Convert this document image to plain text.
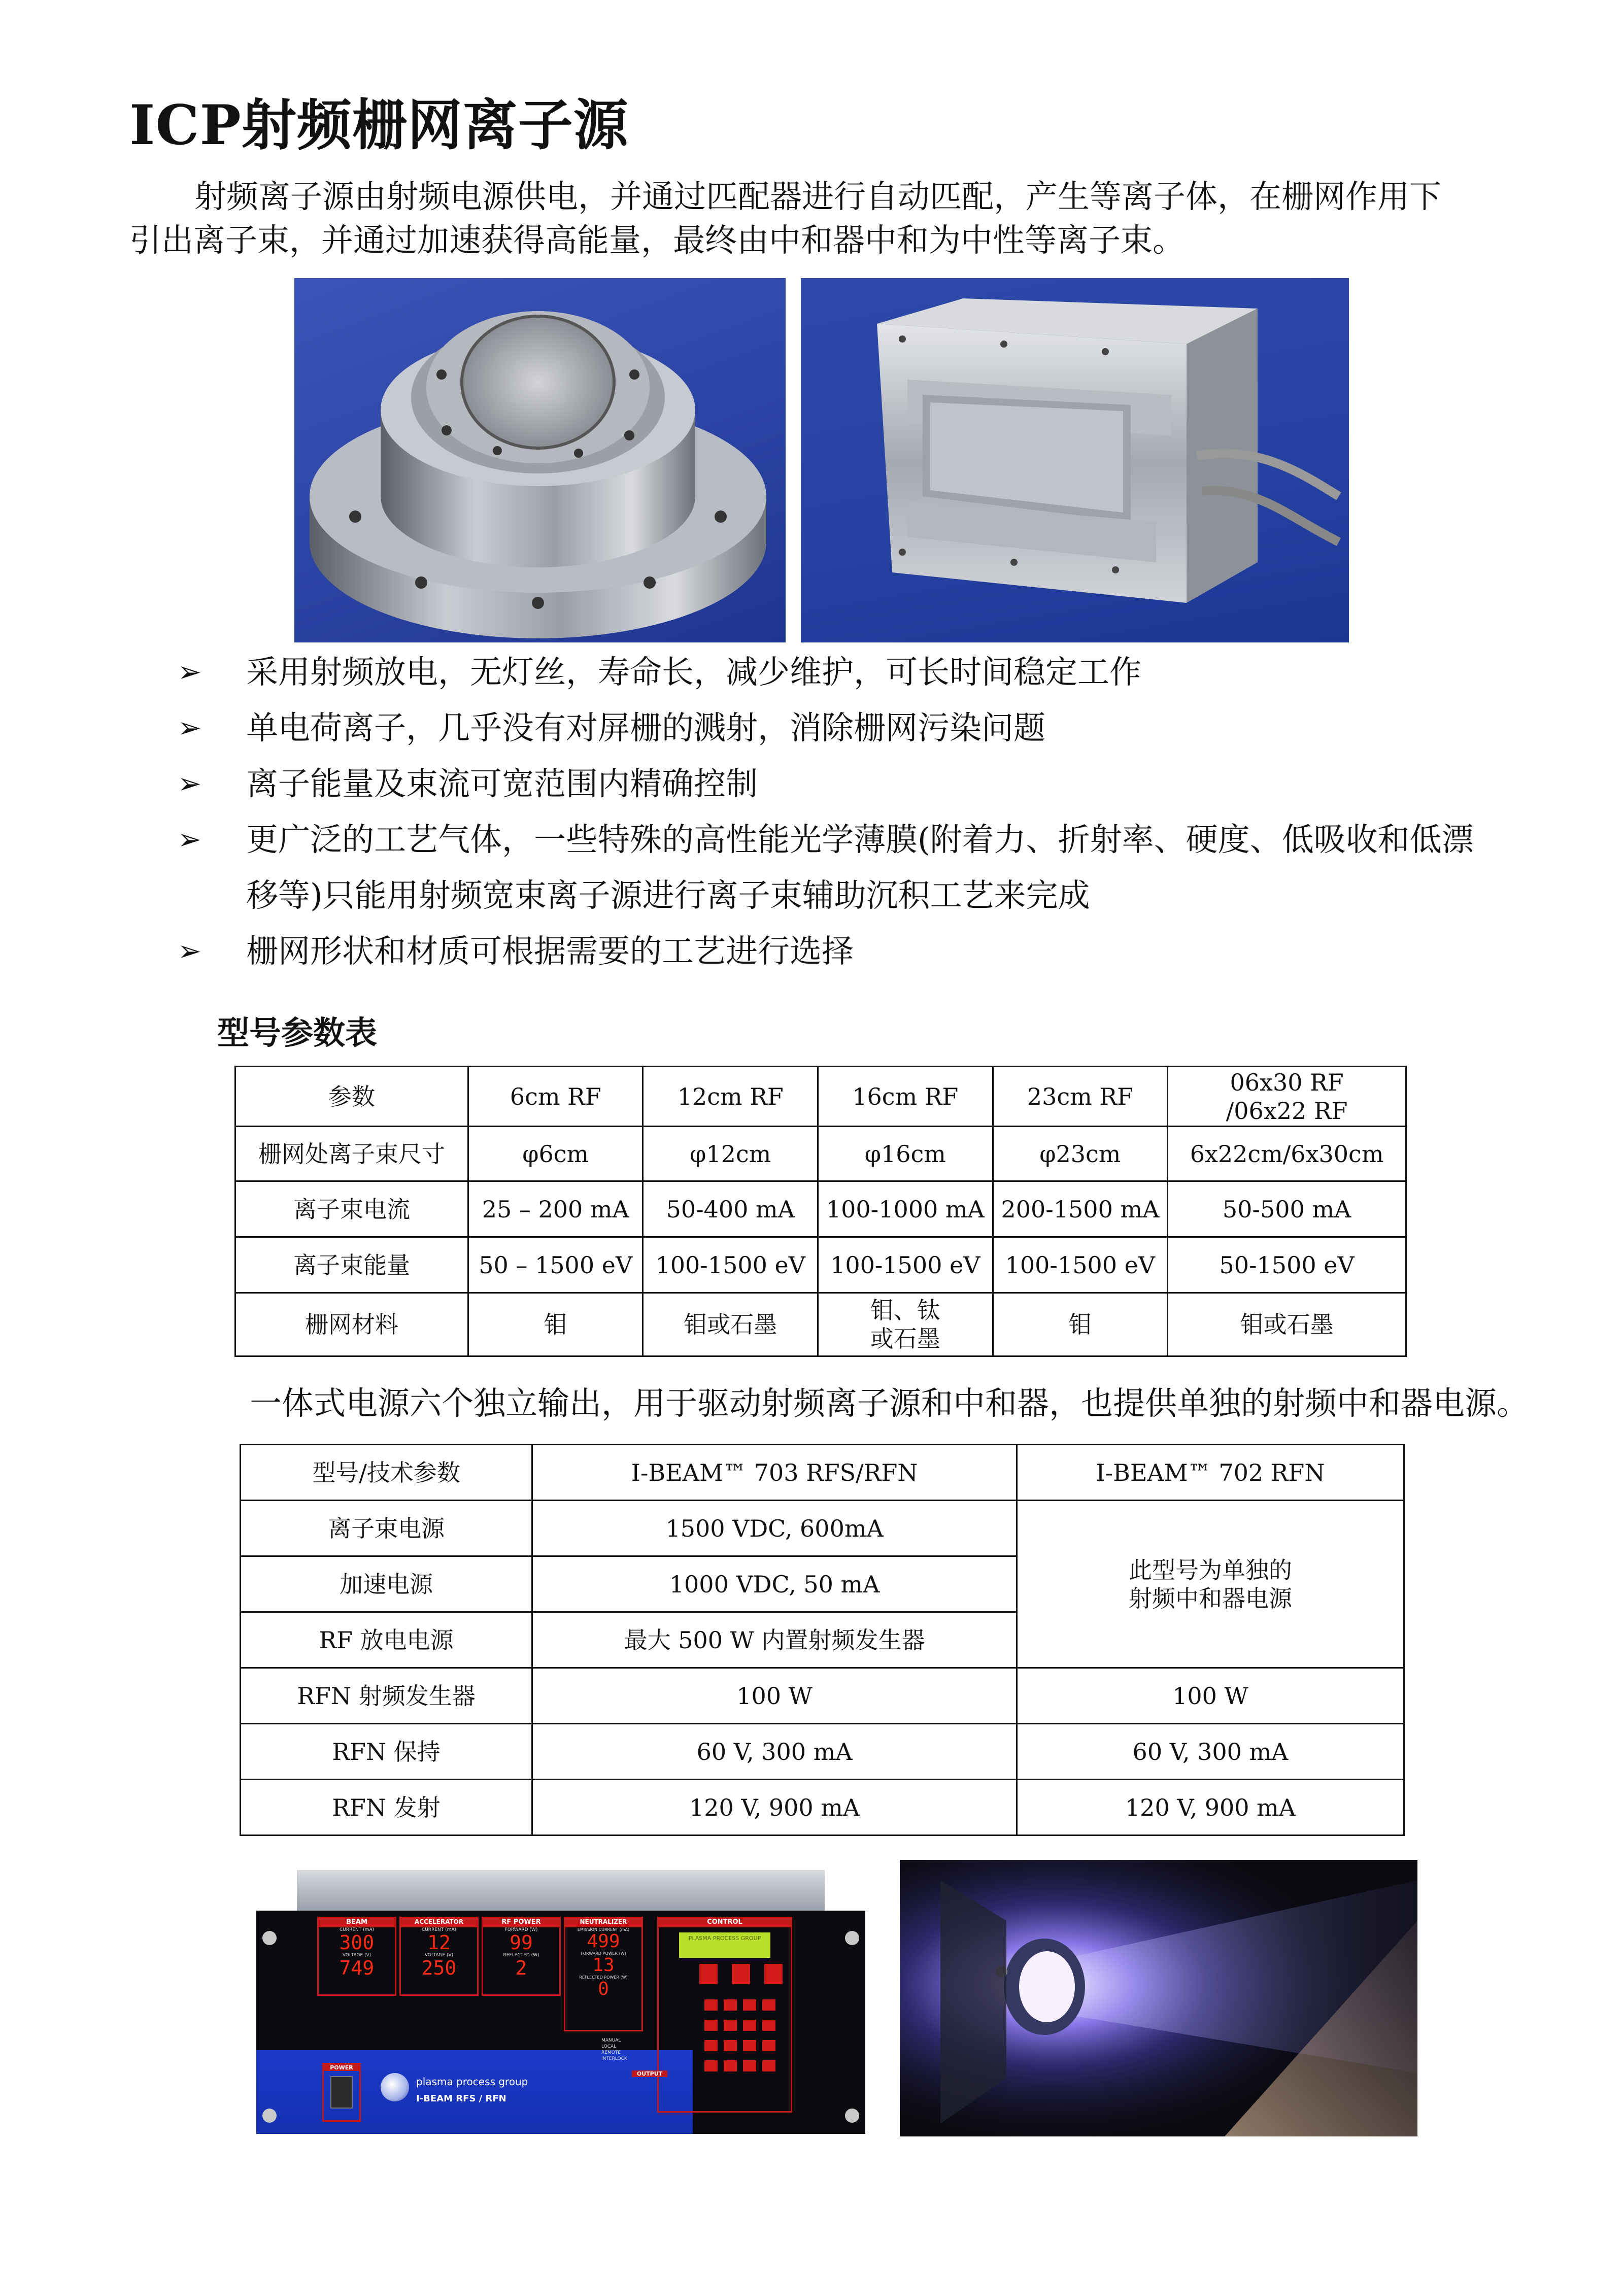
ICP射频栅网离子源
射频离子源由射频电源供电，并通过匹配器进行自动匹配，产生等离子体，在栅网作用下
引出离子束，并通过加速获得高能量，最终由中和器中和为中性等离子束。
➢ 采用射频放电，无灯丝，寿命长，减少维护，可长时间稳定工作
➢ 单电荷离子，几乎没有对屏栅的溅射，消除栅网污染问题
➢ 离子能量及束流可宽范围内精确控制
➢ 更广泛的工艺气体，一些特殊的高性能光学薄膜(附着力、折射率、硬度、低吸收和低漂
移等)只能用射频宽束离子源进行离子束辅助沉积工艺来完成
➢ 栅网形状和材质可根据需要的工艺进行选择
型号参数表
参数	6cm RF	12cm RF	16cm RF	23cm RF	06x30 RF
/06x22 RF
栅网处离子束尺寸	φ6cm	φ12cm	φ16cm	φ23cm	6x22cm/6x30cm
离子束电流	25 – 200 mA	50-400 mA	100-1000 mA	200-1500 mA	50-500 mA
离子束能量	50 – 1500 eV	100-1500 eV	100-1500 eV	100-1500 eV	50-1500 eV
栅网材料	钼	钼或石墨	钼、钛
或石墨	钼	钼或石墨
一体式电源六个独立输出，用于驱动射频离子源和中和器，也提供单独的射频中和器电源。
型号/技术参数	I-BEAM™ 703 RFS/RFN	I-BEAM™ 702 RFN
离子束电源	1500 VDC, 600mA	此型号为单独的
射频中和器电源
加速电源	1000 VDC, 50 mA	
RF 放电电源	最大 500 W 内置射频发生器	
RFN 射频发生器	100 W	100 W
RFN 保持	60 V, 300 mA	60 V, 300 mA
RFN 发射	120 V, 900 mA	120 V, 900 mA
BEAM
CURRENT (mA)
300
VOLTAGE (V)
749
ACCELERATOR
CURRENT (mA)
12
VOLTAGE (V)
250
RF POWER
FORWARD (W)
99
REFLECTED (W)
2
NEUTRALIZER
EMISSION CURRENT (mA)
499
FORWARD POWER (W)
13
REFLECTED POWER (W)
0
CONTROL
PLASMA PROCESS GROUP
MANUAL
LOCAL
REMOTE
INTERLOCK
OUTPUT
POWER
plasma process group
I-BEAM RFS / RFN
